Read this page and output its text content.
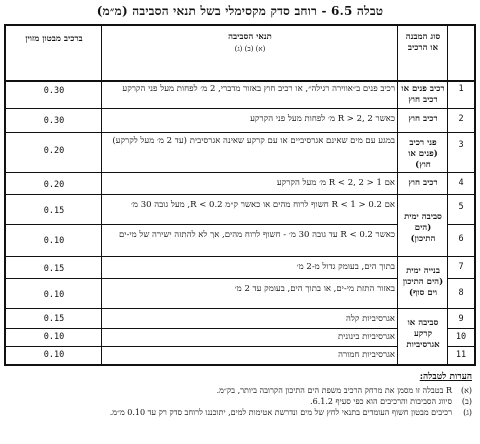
טבלה 6.5 - רוחב סדק מקסימלי בשל תנאי הסביבה (מ״מ)
סוג המבנה או הרכיב
תנאי הסביבה
(א) (ב) (ג)
ברכיב מבטון מזוין
1
2
3
4
5
6
7
8
9
10
11
רכיב פנים או רכיב חוץ
רכיב חוץ
פני רכיב (פנים או חוץ)
רכיב חוץ
סביבה ימית (הים התיכון)
בנייה ימית (הים התיכון וים סוף)
סביבה או קרקע אגרסיביות
רכיב פנים ב״אווירה רגילה״, או רכיב חוץ באזור מדברי, 2 מ׳ לפחות מעל פני הקרקע
כאשר R > 2, 2 מ׳ לפחות מעל פני הקרקע
במגע עם מים שאינם אגרסיביים או עם קרקע שאינה אגרסיבית (עד 2 מ׳ מעל לקרקע)
אם 1 < R < 2, 2 מ׳ מעל הקרקע
אם 0.2 < R < 1 חשוף לרוח מהים או כאשר ק״מ R < 0.2, מעל גובה 30 מ׳
כאשר R < 0.2 עד גובה 30 מ׳ - חשוף לרוח מהים, אך לא להתזה ישירה של מי-ים
בתוך הים, בעומק גדול מ-2 מ׳
באזור התזת מי-ים, או בתוך הים, בעומק עד 2 מ׳
אגרסיביות קלה
אגרסיביות בינונית
אגרסיביות חמורה
0.30
0.30
0.20
0.20
0.15
0.10
0.15
0.10
0.15
0.10
0.10
הערות לטבלה:
(א)
R בטבלה זו מסמן את מרחק הרכיב משפת הים התיכון הקרובה ביותר, בק״מ.
(ב)
סיווג הסביבות והרכיבים הוא כפי סעיף 6.1.2.
(ג)
רכיבים מבטון חשוף העומדים בתנאי לחץ של מים ונדרשת אטימות למים, יתוכננו לרוחב סדק רק עד 0.10 מ״מ.
